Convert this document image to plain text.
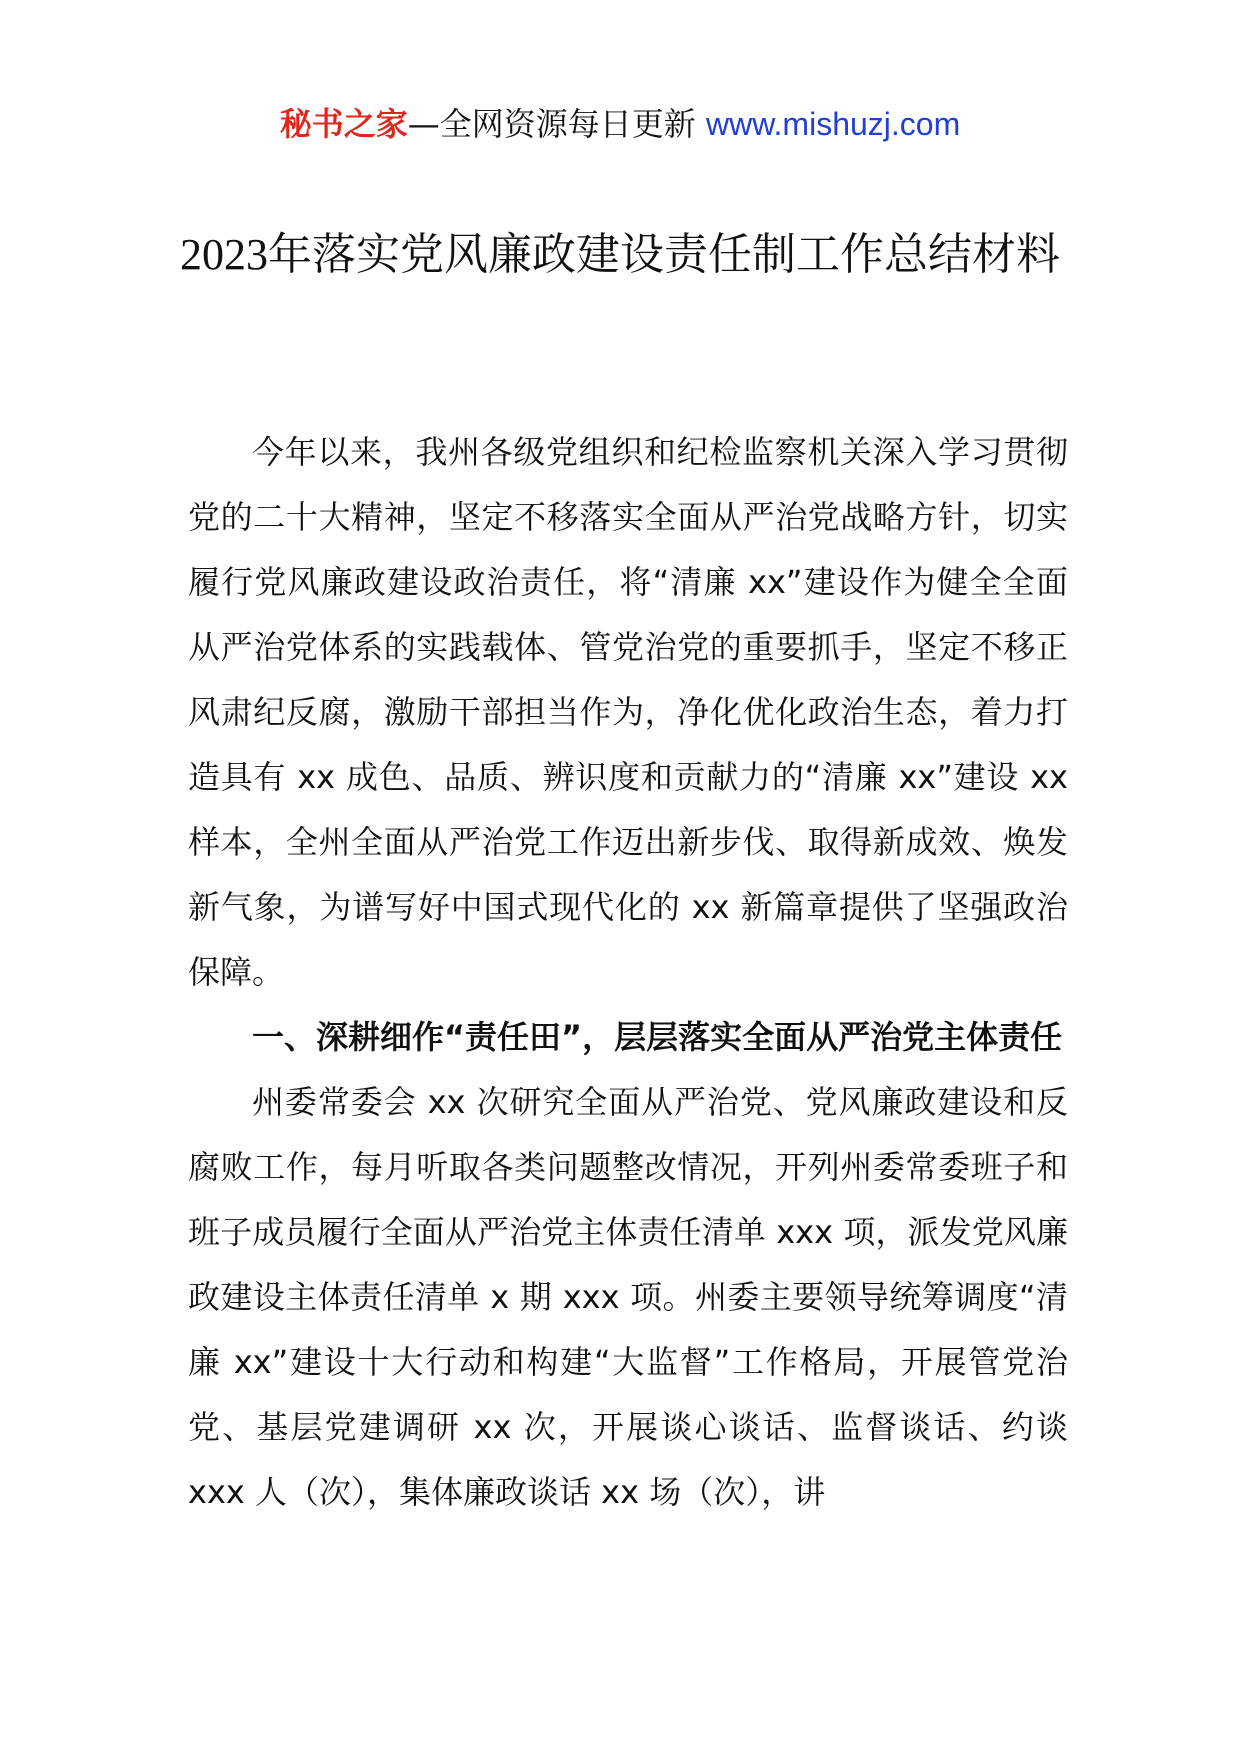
秘书之家—全网资源每日更新 www.mishuzj.com
2023年落实党风廉政建设责任制工作总结材料

今年以来，我州各级党组织和纪检监察机关深入学习贯彻党的二十大精神，坚定不移落实全面从严治党战略方针，切实履行党风廉政建设政治责任，将“清廉 xx”建设作为健全全面从严治党体系的实践载体、管党治党的重要抓手，坚定不移正风肃纪反腐，激励干部担当作为，净化优化政治生态，着力打造具有 xx 成色、品质、辨识度和贡献力的“清廉 xx”建设 xx 样本，全州全面从严治党工作迈出新步伐、取得新成效、焕发新气象，为谱写好中国式现代化的 xx 新篇章提供了坚强政治保障。

一、深耕细作“责任田”，层层落实全面从严治党主体责任

州委常委会 xx 次研究全面从严治党、党风廉政建设和反腐败工作，每月听取各类问题整改情况，开列州委常委班子和班子成员履行全面从严治党主体责任清单 xxx 项，派发党风廉政建设主体责任清单 x 期 xxx 项。州委主要领导统筹调度“清廉 xx”建设十大行动和构建“大监督”工作格局，开展管党治党、基层党建调研 xx 次，开展谈心谈话、监督谈话、约谈 xxx 人（次），集体廉政谈话 xx 场（次），讲
